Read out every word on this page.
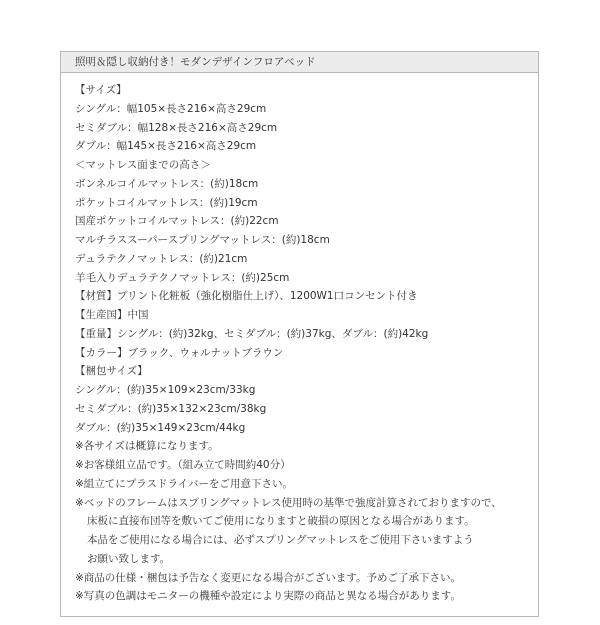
照明＆隠し収納付き！モダンデザインフロアベッド
【サイズ】
シングル：幅105×長さ216×高さ29cm
セミダブル：幅128×長さ216×高さ29cm
ダブル：幅145×長さ216×高さ29cm
＜マットレス面までの高さ＞
ボンネルコイルマットレス：(約)18cm
ポケットコイルマットレス：(約)19cm
国産ポケットコイルマットレス：(約)22cm
マルチラススーパースプリングマットレス：(約)18cm
デュラテクノマットレス：(約)21cm
羊毛入りデュラテクノマットレス：(約)25cm
【材質】プリント化粧板（強化樹脂仕上げ）、1200W1口コンセント付き
【生産国】中国
【重量】シングル：(約)32kg、セミダブル：(約)37kg、ダブル：(約)42kg
【カラー】ブラック、ウォルナットブラウン
【梱包サイズ】
シングル：(約)35×109×23cm/33kg
セミダブル：(約)35×132×23cm/38kg
ダブル：(約)35×149×23cm/44kg
※各サイズは概算になります。
※お客様組立品です。（組み立て時間約40分）
※組立てにプラスドライバーをご用意下さい。
※ベッドのフレームはスプリングマットレス使用時の基準で強度計算されておりますので、
床板に直接布団等を敷いてご使用になりますと破損の原因となる場合があります。
本品をご使用になる場合には、必ずスプリングマットレスをご使用下さいますよう
お願い致します。
※商品の仕様・梱包は予告なく変更になる場合がございます。予めご了承下さい。
※写真の色調はモニターの機種や設定により実際の商品と異なる場合があります。
